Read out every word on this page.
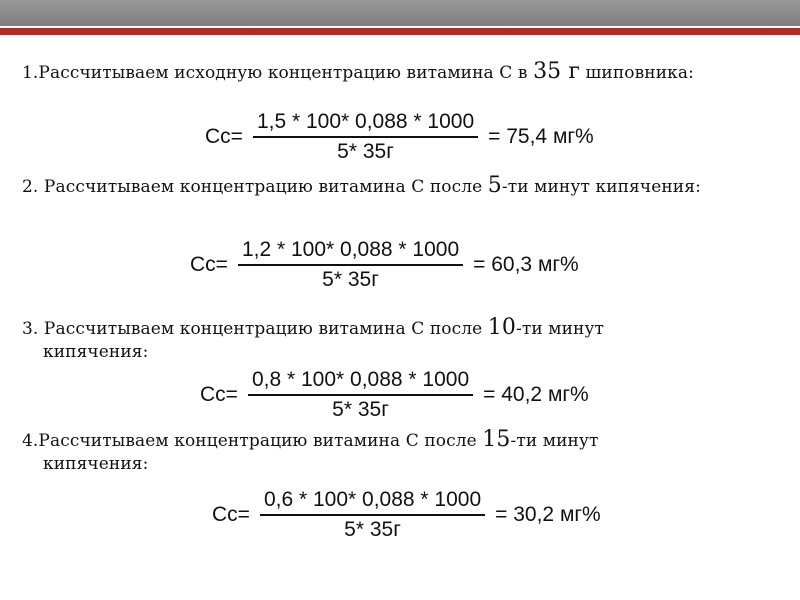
1.Рассчитываем исходную концентрацию витамина С в 35 г шиповника:
$Сс= \frac{1,5 * 100* 0,088 * 1000}{5* 35г} = 75,4$ мг%
2. Рассчитываем концентрацию витамина С после 5-ти минут кипячения:
$Сс= \frac{1,2 * 100* 0,088 * 1000}{5* 35г} = 60,3$ мг%
3. Рассчитываем концентрацию витамина С после 10-ти минут
кипячения:
$Сс= \frac{0,8 * 100* 0,088 * 1000}{5* 35г} = 40,2$ мг%
4.Рассчитываем концентрацию витамина С после 15-ти минут
кипячения:
$Сс= \frac{0,6 * 100* 0,088 * 1000}{5* 35г} = 30,2$ мг%
